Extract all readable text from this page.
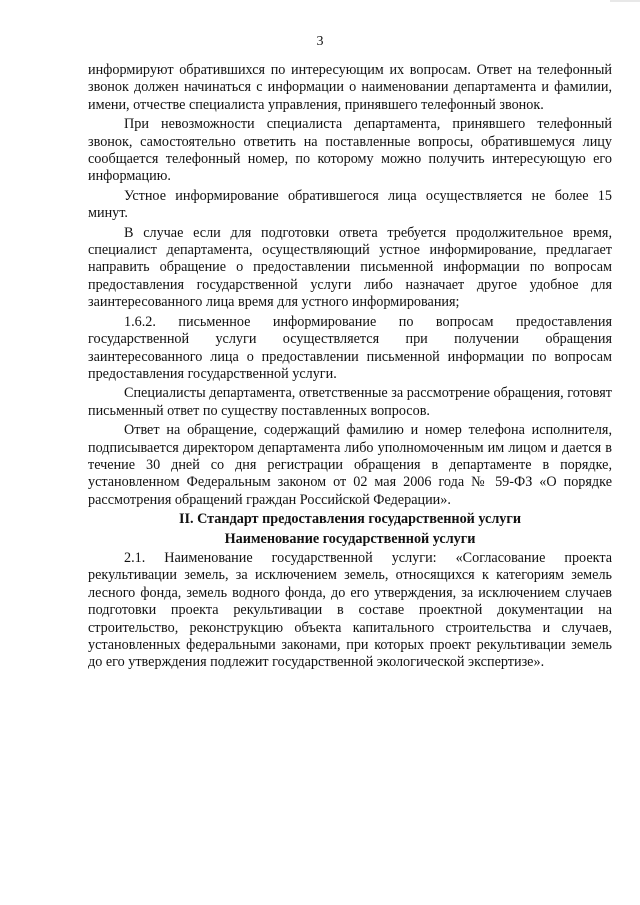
3

информируют обратившихся по интересующим их вопросам. Ответ на телефонный звонок должен начинаться с информации о наименовании департамента и фамилии, имени, отчестве специалиста управления, принявшего телефонный звонок.

При невозможности специалиста департамента, принявшего телефонный звонок, самостоятельно ответить на поставленные вопросы, обратившемуся лицу сообщается телефонный номер, по которому можно получить интересующую его информацию.

Устное информирование обратившегося лица осуществляется не более 15 минут.

В случае если для подготовки ответа требуется продолжительное время, специалист департамента, осуществляющий устное информирование, предлагает направить обращение о предоставлении письменной информации по вопросам предоставления государственной услуги либо назначает другое удобное для заинтересованного лица время для устного информирования;

1.6.2. письменное информирование по вопросам предоставления государственной услуги осуществляется при получении обращения заинтересованного лица о предоставлении письменной информации по вопросам предоставления государственной услуги.

Специалисты департамента, ответственные за рассмотрение обращения, готовят письменный ответ по существу поставленных вопросов.

Ответ на обращение, содержащий фамилию и номер телефона исполнителя, подписывается директором департамента либо уполномоченным им лицом и дается в течение 30 дней со дня регистрации обращения в департаменте в порядке, установленном Федеральным законом от 02 мая 2006 года № 59-ФЗ «О порядке рассмотрения обращений граждан Российской Федерации».

II. Стандарт предоставления государственной услуги

Наименование государственной услуги

2.1. Наименование государственной услуги: «Согласование проекта рекультивации земель, за исключением земель, относящихся к категориям земель лесного фонда, земель водного фонда, до его утверждения, за исключением случаев подготовки проекта рекультивации в составе проектной документации на строительство, реконструкцию объекта капитального строительства и случаев, установленных федеральными законами, при которых проект рекультивации земель до его утверждения подлежит государственной экологической экспертизе».
